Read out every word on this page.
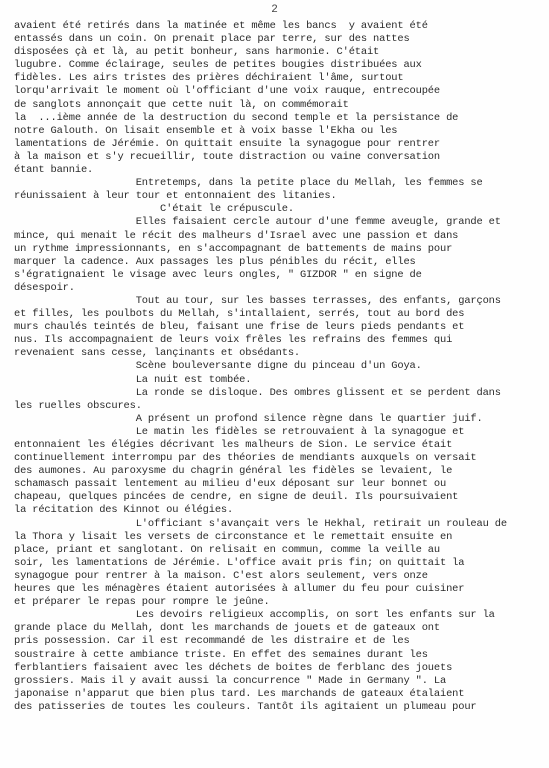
2
avaient été retirés dans la matinée et même les bancs  y avaient été
entassés dans un coin. On prenait place par terre, sur des nattes
disposées çà et là, au petit bonheur, sans harmonie. C'était
lugubre. Comme éclairage, seules de petites bougies distribuées aux
fidèles. Les airs tristes des prières déchiraient l'âme, surtout
lorqu'arrivait le moment où l'officiant d'une voix rauque, entrecoupée
de sanglots annonçait que cette nuit là, on commémorait
la  ...ième année de la destruction du second temple et la persistance de
notre Galouth. On lisait ensemble et à voix basse l'Ekha ou les
lamentations de Jérémie. On quittait ensuite la synagogue pour rentrer
à la maison et s'y recueillir, toute distraction ou vaine conversation
étant bannie.
Entretemps, dans la petite place du Mellah, les femmes se
réunissaient à leur tour et entonnaient des litanies.
C'était le crépuscule.
Elles faisaient cercle autour d'une femme aveugle, grande et
mince, qui menait le récit des malheurs d'Israel avec une passion et dans
un rythme impressionnants, en s'accompagnant de battements de mains pour
marquer la cadence. Aux passages les plus pénibles du récit, elles
s'égratignaient le visage avec leurs ongles, " GIZDOR " en signe de
désespoir.
Tout au tour, sur les basses terrasses, des enfants, garçons
et filles, les poulbots du Mellah, s'intallaient, serrés, tout au bord des
murs chaulés teintés de bleu, faisant une frise de leurs pieds pendants et
nus. Ils accompagnaient de leurs voix frêles les refrains des femmes qui
revenaient sans cesse, lançinants et obsédants.
Scène bouleversante digne du pinceau d'un Goya.
La nuit est tombée.
La ronde se disloque. Des ombres glissent et se perdent dans
les ruelles obscures.
A présent un profond silence règne dans le quartier juif.
Le matin les fidèles se retrouvaient à la synagogue et
entonnaient les élégies décrivant les malheurs de Sion. Le service était
continuellement interrompu par des théories de mendiants auxquels on versait
des aumones. Au paroxysme du chagrin général les fidèles se levaient, le
schamasch passait lentement au milieu d'eux déposant sur leur bonnet ou
chapeau, quelques pincées de cendre, en signe de deuil. Ils poursuivaient
la récitation des Kinnot ou élégies.
L'officiant s'avançait vers le Hekhal, retirait un rouleau de
la Thora y lisait les versets de circonstance et le remettait ensuite en
place, priant et sanglotant. On relisait en commun, comme la veille au
soir, les lamentations de Jérémie. L'office avait pris fin; on quittait la
synagogue pour rentrer à la maison. C'est alors seulement, vers onze
heures que les ménagères étaient autorisées à allumer du feu pour cuisiner
et préparer le repas pour rompre le jeûne.
Les devoirs religieux accomplis, on sort les enfants sur la
grande place du Mellah, dont les marchands de jouets et de gateaux ont
pris possession. Car il est recommandé de les distraire et de les
soustraire à cette ambiance triste. En effet des semaines durant les
ferblantiers faisaient avec les déchets de boites de ferblanc des jouets
grossiers. Mais il y avait aussi la concurrence " Made in Germany ". La
japonaise n'apparut que bien plus tard. Les marchands de gateaux étalaient
des patisseries de toutes les couleurs. Tantôt ils agitaient un plumeau pour
